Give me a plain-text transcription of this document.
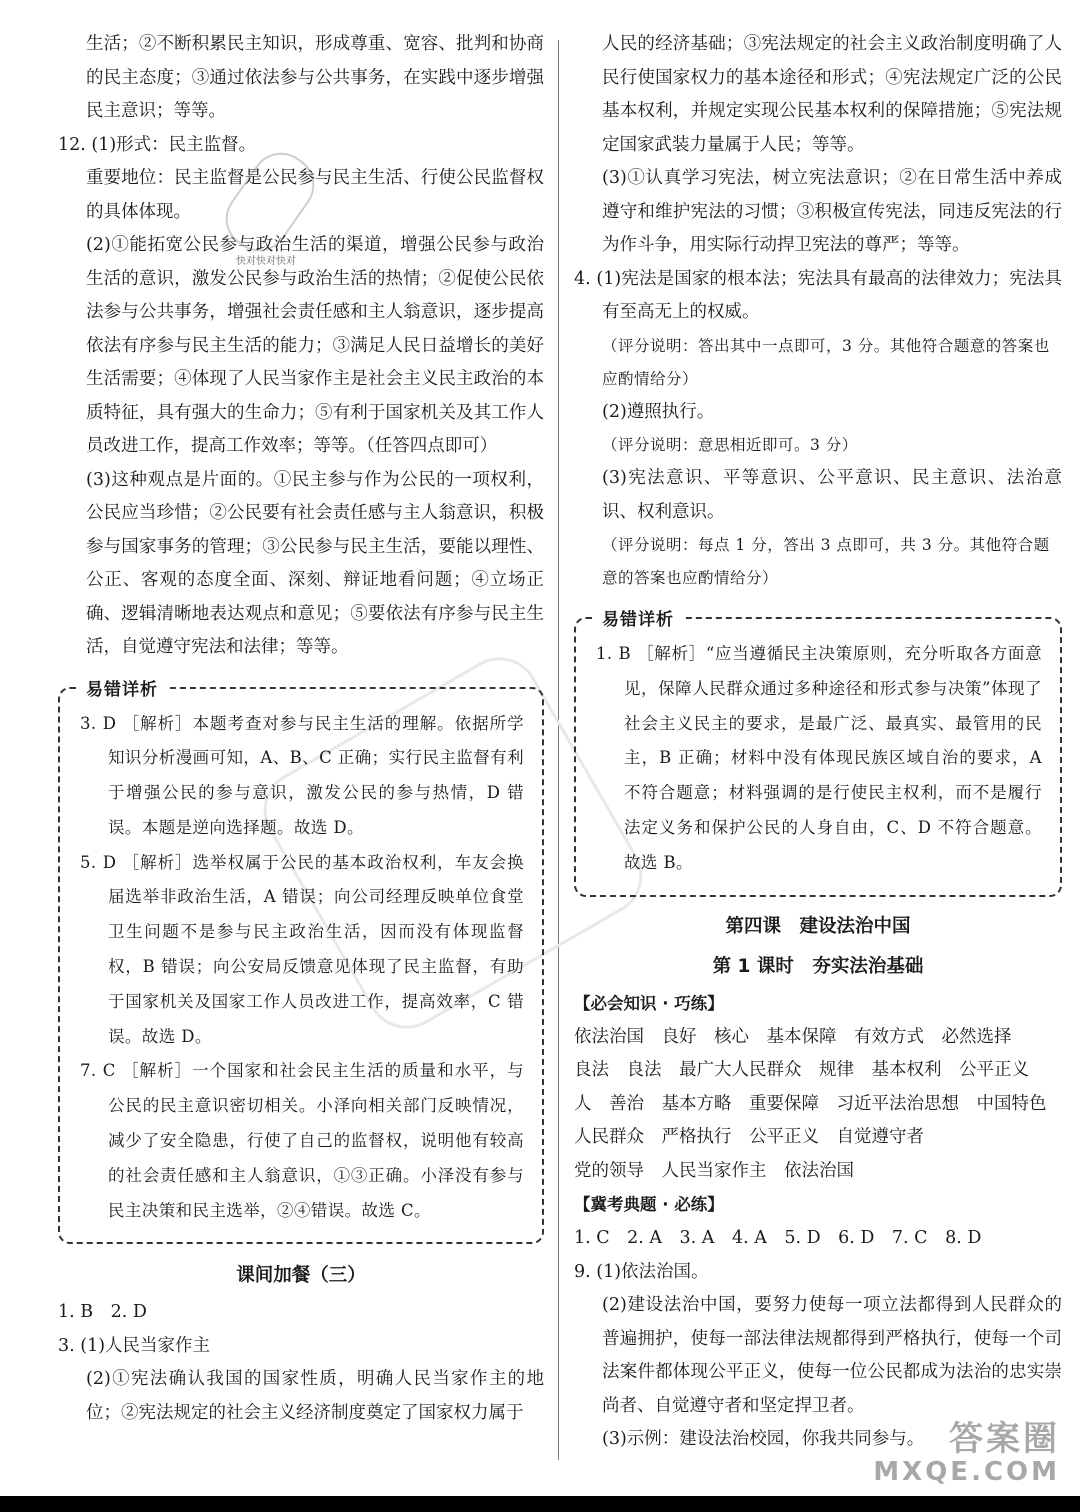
快对快对快对

生活；②不断积累民主知识，形成尊重、宽容、批判和协商的民主态度；③通过依法参与公共事务，在实践中逐步增强民主意识；等等。

12. (1)形式：民主监督。

重要地位：民主监督是公民参与民主生活、行使公民监督权的具体体现。

(2)①能拓宽公民参与政治生活的渠道，增强公民参与政治生活的意识，激发公民参与政治生活的热情；②促使公民依法参与公共事务，增强社会责任感和主人翁意识，逐步提高依法有序参与民主生活的能力；③满足人民日益增长的美好生活需要；④体现了人民当家作主是社会主义民主政治的本质特征，具有强大的生命力；⑤有利于国家机关及其工作人员改进工作，提高工作效率；等等。（任答四点即可）

(3)这种观点是片面的。①民主参与作为公民的一项权利，公民应当珍惜；②公民要有社会责任感与主人翁意识，积极参与国家事务的管理；③公民参与民主生活，要能以理性、公正、客观的态度全面、深刻、辩证地看问题；④立场正确、逻辑清晰地表达观点和意见；⑤要依法有序参与民主生活，自觉遵守宪法和法律；等等。

易错详析

3. D ［解析］本题考查对参与民主生活的理解。依据所学知识分析漫画可知，A、B、C 正确；实行民主监督有利于增强公民的参与意识，激发公民的参与热情，D 错误。本题是逆向选择题。故选 D。

5. D ［解析］选举权属于公民的基本政治权利，车友会换届选举非政治生活，A 错误；向公司经理反映单位食堂卫生问题不是参与民主政治生活，因而没有体现监督权，B 错误；向公安局反馈意见体现了民主监督，有助于国家机关及国家工作人员改进工作，提高效率，C 错误。故选 D。

7. C ［解析］一个国家和社会民主生活的质量和水平，与公民的民主意识密切相关。小泽向相关部门反映情况，减少了安全隐患，行使了自己的监督权，说明他有较高的社会责任感和主人翁意识，①③正确。小泽没有参与民主决策和民主选举，②④错误。故选 C。

课间加餐（三）

1. B　2. D

3. (1)人民当家作主

(2)①宪法确认我国的国家性质，明确人民当家作主的地位；②宪法规定的社会主义经济制度奠定了国家权力属于

人民的经济基础；③宪法规定的社会主义政治制度明确了人民行使国家权力的基本途径和形式；④宪法规定广泛的公民基本权利，并规定实现公民基本权利的保障措施；⑤宪法规定国家武装力量属于人民；等等。

(3)①认真学习宪法，树立宪法意识；②在日常生活中养成遵守和维护宪法的习惯；③积极宣传宪法，同违反宪法的行为作斗争，用实际行动捍卫宪法的尊严；等等。

4. (1)宪法是国家的根本法；宪法具有最高的法律效力；宪法具有至高无上的权威。

（评分说明：答出其中一点即可，3 分。其他符合题意的答案也应酌情给分）

(2)遵照执行。

（评分说明：意思相近即可。3 分）

(3)宪法意识、平等意识、公平意识、民主意识、法治意识、权利意识。

（评分说明：每点 1 分，答出 3 点即可，共 3 分。其他符合题意的答案也应酌情给分）

易错详析

1. B ［解析］“应当遵循民主决策原则，充分听取各方面意见，保障人民群众通过多种途径和形式参与决策”体现了社会主义民主的要求，是最广泛、最真实、最管用的民主，B 正确；材料中没有体现民族区域自治的要求，A 不符合题意；材料强调的是行使民主权利，而不是履行法定义务和保护公民的人身自由，C、D 不符合题意。故选 B。

第四课　建设法治中国

第 1 课时　夯实法治基础

【必会知识 · 巧练】

依法治国　良好　核心　基本保障　有效方式　必然选择

良法　良法　最广大人民群众　规律　基本权利　公平正义

人　善治　基本方略　重要保障　习近平法治思想　中国特色

人民群众　严格执行　公平正义　自觉遵守者

党的领导　人民当家作主　依法治国

【冀考典题 · 必练】

1. C　2. A　3. A　4. A　5. D　6. D　7. C　8. D

9. (1)依法治国。

(2)建设法治中国，要努力使每一项立法都得到人民群众的普遍拥护，使每一部法律法规都得到严格执行，使每一个司法案件都体现公平正义，使每一位公民都成为法治的忠实崇尚者、自觉遵守者和坚定捍卫者。

(3)示例：建设法治校园，你我共同参与。 答案圈
MXQE.COM
